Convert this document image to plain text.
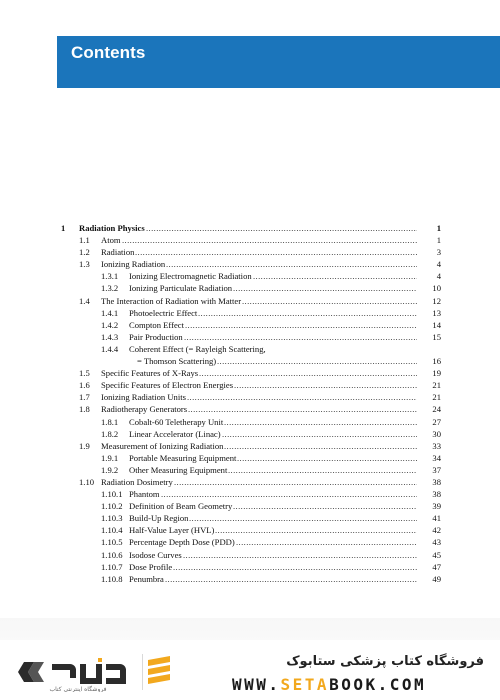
Contents
1 Radiation Physics .....	1
1.1 Atom .....	1
1.2 Radiation .....	3
1.3 Ionizing Radiation .....	4
1.3.1 Ionizing Electromagnetic Radiation .....	4
1.3.2 Ionizing Particulate Radiation .....	10
1.4 The Interaction of Radiation with Matter .....	12
1.4.1 Photoelectric Effect .....	13
1.4.2 Compton Effect .....	14
1.4.3 Pair Production .....	15
1.4.4 Coherent Effect (= Rayleigh Scattering,
= Thomson Scattering) .....	16
1.5 Specific Features of X-Rays .....	19
1.6 Specific Features of Electron Energies .....	21
1.7 Ionizing Radiation Units .....	21
1.8 Radiotherapy Generators .....	24
1.8.1 Cobalt-60 Teletherapy Unit .....	27
1.8.2 Linear Accelerator (Linac) .....	30
1.9 Measurement of Ionizing Radiation .....	33
1.9.1 Portable Measuring Equipment .....	34
1.9.2 Other Measuring Equipment .....	37
1.10 Radiation Dosimetry .....	38
1.10.1 Phantom .....	38
1.10.2 Definition of Beam Geometry .....	39
1.10.3 Build-Up Region .....	41
1.10.4 Half-Value Layer (HVL) .....	42
1.10.5 Percentage Depth Dose (PDD) .....	43
1.10.6 Isodose Curves .....	45
1.10.7 Dose Profile .....	47
1.10.8 Penumbra .....	49
فروشگاه اینترنتی کتاب
فروشگاه کتاب پزشکی ستابوک
WWW.SETABOOK.COM
